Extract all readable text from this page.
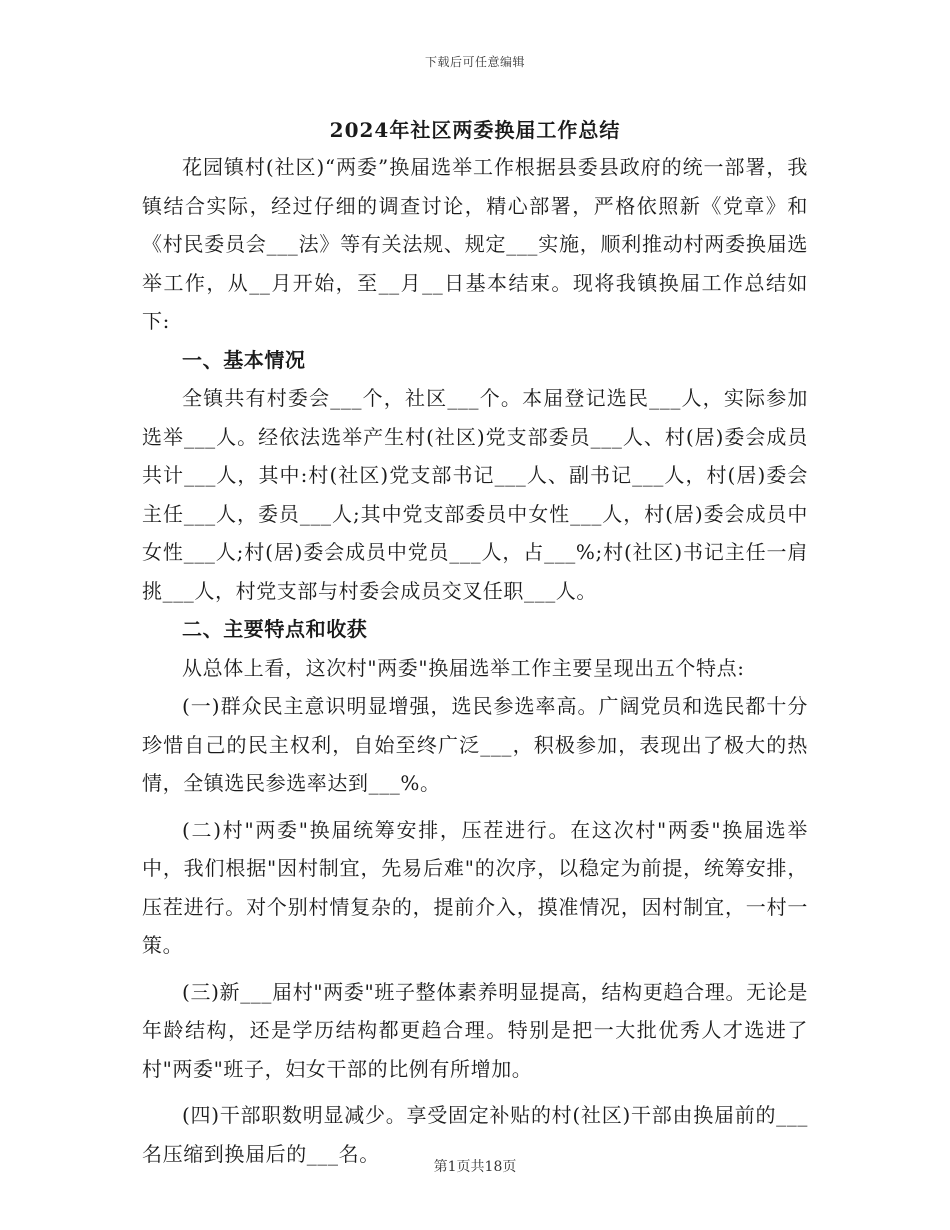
下载后可任意编辑
2024年社区两委换届工作总结

花园镇村(社区)“两委”换届选举工作根据县委县政府的统一部署，我镇结合实际，经过仔细的调查讨论，精心部署，严格依照新《党章》和《村民委员会___法》等有关法规、规定___实施，顺利推动村两委换届选举工作，从__月开始，至__月__日基本结束。现将我镇换届工作总结如下:

一、基本情况

全镇共有村委会___个，社区___个。本届登记选民___人，实际参加选举___人。经依法选举产生村(社区)党支部委员___人、村(居)委会成员共计___人，其中:村(社区)党支部书记___人、副书记___人，村(居)委会主任___人，委员___人;其中党支部委员中女性___人，村(居)委会成员中女性___人;村(居)委会成员中党员___人，占___%;村(社区)书记主任一肩挑___人，村党支部与村委会成员交叉任职___人。

二、主要特点和收获

从总体上看，这次村"两委"换届选举工作主要呈现出五个特点:

(一)群众民主意识明显增强，选民参选率高。广阔党员和选民都十分珍惜自己的民主权利，自始至终广泛___，积极参加，表现出了极大的热情，全镇选民参选率达到___%。

(二)村"两委"换届统筹安排，压茬进行。在这次村"两委"换届选举中，我们根据"因村制宜，先易后难"的次序，以稳定为前提，统筹安排，压茬进行。对个别村情复杂的，提前介入，摸准情况，因村制宜，一村一策。

(三)新___届村"两委"班子整体素养明显提高，结构更趋合理。无论是年龄结构，还是学历结构都更趋合理。特别是把一大批优秀人才选进了村"两委"班子，妇女干部的比例有所增加。

(四)干部职数明显减少。享受固定补贴的村(社区)干部由换届前的___名压缩到换届后的___名。

第1页共18页
